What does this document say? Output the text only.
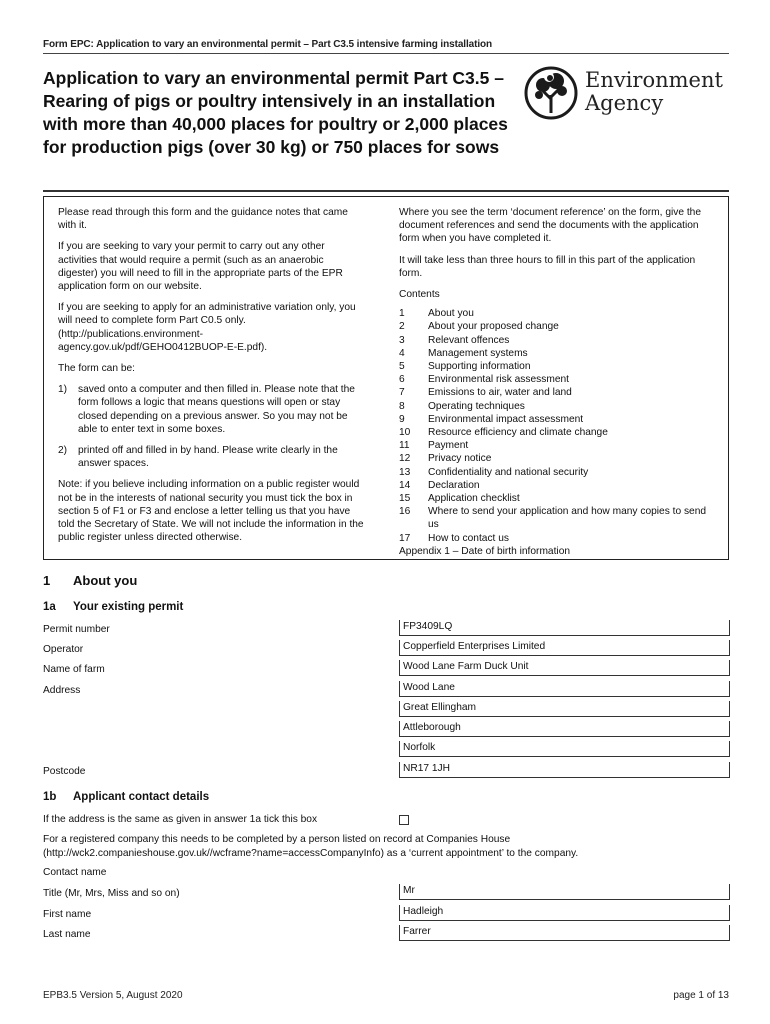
Form EPC: Application to vary an environmental permit – Part C3.5 intensive farming installation
Application to vary an environmental permit Part C3.5 – Rearing of pigs or poultry intensively in an installation with more than 40,000 places for poultry or 2,000 places for production pigs (over 30 kg) or 750 places for sows
Environment
Agency

Please read through this form and the guidance notes that came with it.

If you are seeking to vary your permit to carry out any other activities that would require a permit (such as an anaerobic digester) you will need to fill in the appropriate parts of the EPR application form on our website.

If you are seeking to apply for an administrative variation only, you will need to complete form Part C0.5 only. (http://publications.environment-agency.gov.uk/pdf/GEHO0412BUOP-E-E.pdf).

The form can be:

1)	saved onto a computer and then filled in. Please note that the form follows a logic that means questions will open or stay closed depending on a previous answer. So you may not be able to enter text in some boxes.
2)	printed off and filled in by hand. Please write clearly in the answer spaces.

Note: if you believe including information on a public register would not be in the interests of national security you must tick the box in section 5 of F1 or F3 and enclose a letter telling us that you have told the Secretary of State. We will not include the information in the public register unless directed otherwise.

Where you see the term ‘document reference’ on the form, give the document references and send the documents with the application form when you have completed it.

It will take less than three hours to fill in this part of the application form.

Contents

1	About you
2	About your proposed change
3	Relevant offences
4	Management systems
5	Supporting information
6	Environmental risk assessment
7	Emissions to air, water and land
8	Operating techniques
9	Environmental impact assessment
10	Resource efficiency and climate change
11	Payment
12	Privacy notice
13	Confidentiality and national security
14	Declaration
15	Application checklist
16	Where to send your application and how many copies to send us
17	How to contact us
Appendix 1 – Date of birth information
1 About you
1a Your existing permit
Permit number	FP3409LQ
Operator	Copperfield Enterprises Limited
Name of farm	Wood Lane Farm Duck Unit
Address	Wood Lane
Great Ellingham
Attleborough
Norfolk
Postcode	NR17 1JH
1b Applicant contact details
If the address is the same as given in answer 1a tick this box
For a registered company this needs to be completed by a person listed on record at Companies House
(http://wck2.companieshouse.gov.uk//wcframe?name=accessCompanyInfo) as a ‘current appointment’ to the company.
Contact name
Title (Mr, Mrs, Miss and so on)	Mr
First name	Hadleigh
Last name	Farrer
EPB3.5 Version 5, August 2020	page 1 of 13
